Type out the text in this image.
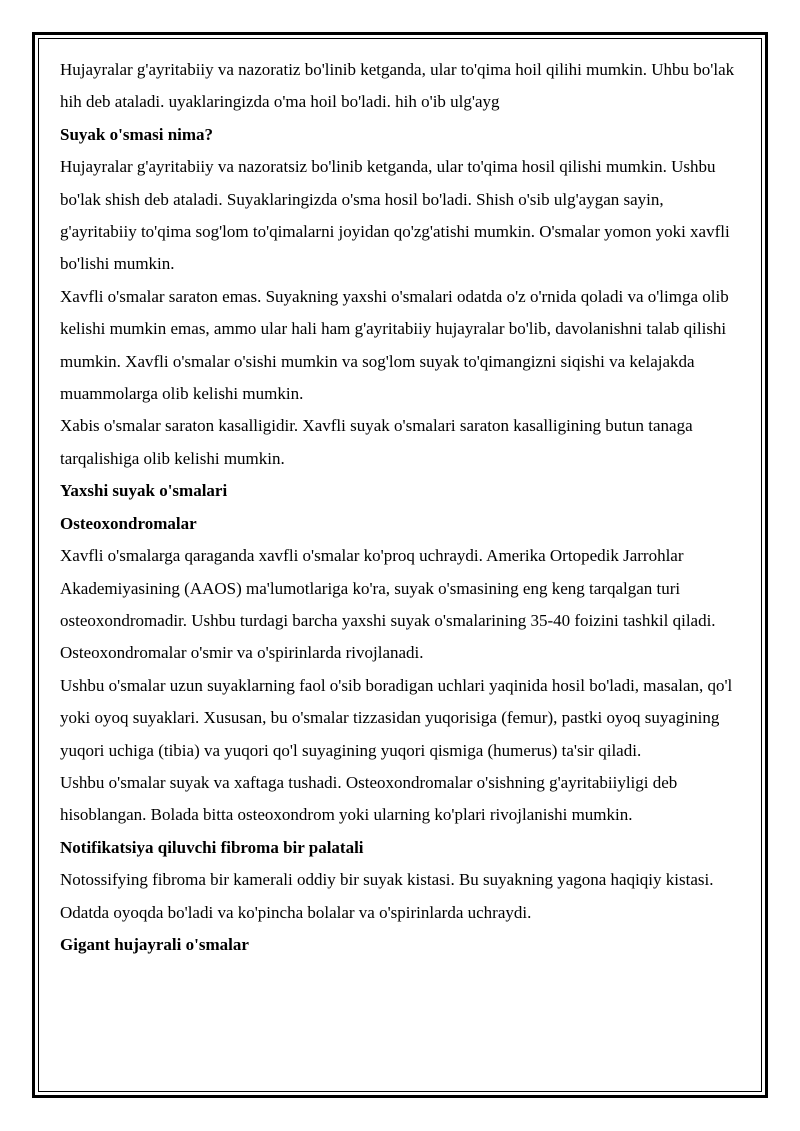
Hujayralar g'ayritabiiy va nazoratiz bo'linib ketganda, ular to'qima hoil qilihi mumkin. Uhbu bo'lak hih deb ataladi. uyaklaringizda o'ma hoil bo'ladi. hih o'ib ulg'ayg

Suyak o'smasi nima?

Hujayralar g'ayritabiiy va nazoratsiz bo'linib ketganda, ular to'qima hosil qilishi mumkin. Ushbu bo'lak shish deb ataladi. Suyaklaringizda o'sma hosil bo'ladi. Shish o'sib ulg'aygan sayin, g'ayritabiiy to'qima sog'lom to'qimalarni joyidan qo'zg'atishi mumkin. O'smalar yomon yoki xavfli bo'lishi mumkin.

Xavfli o'smalar saraton emas. Suyakning yaxshi o'smalari odatda o'z o'rnida qoladi va o'limga olib kelishi mumkin emas, ammo ular hali ham g'ayritabiiy hujayralar bo'lib, davolanishni talab qilishi mumkin. Xavfli o'smalar o'sishi mumkin va sog'lom suyak to'qimangizni siqishi va kelajakda muammolarga olib kelishi mumkin.

Xabis o'smalar saraton kasalligidir. Xavfli suyak o'smalari saraton kasalligining butun tanaga tarqalishiga olib kelishi mumkin.

Yaxshi suyak o'smalari

Osteoxondromalar

Xavfli o'smalarga qaraganda xavfli o'smalar ko'proq uchraydi. Amerika Ortopedik Jarrohlar Akademiyasining (AAOS) ma'lumotlariga ko'ra, suyak o'smasining eng keng tarqalgan turi osteoxondromadir. Ushbu turdagi barcha yaxshi suyak o'smalarining 35-40 foizini tashkil qiladi. Osteoxondromalar o'smir va o'spirinlarda rivojlanadi.

Ushbu o'smalar uzun suyaklarning faol o'sib boradigan uchlari yaqinida hosil bo'ladi, masalan, qo'l yoki oyoq suyaklari. Xususan, bu o'smalar tizzasidan yuqorisiga (femur), pastki oyoq suyagining yuqori uchiga (tibia) va yuqori qo'l suyagining yuqori qismiga (humerus) ta'sir qiladi.

Ushbu o'smalar suyak va xaftaga tushadi. Osteoxondromalar o'sishning g'ayritabiiyligi deb hisoblangan. Bolada bitta osteoxondrom yoki ularning ko'plari rivojlanishi mumkin.

Notifikatsiya qiluvchi fibroma bir palatali

Notossifying fibroma bir kamerali oddiy bir suyak kistasi. Bu suyakning yagona haqiqiy kistasi. Odatda oyoqda bo'ladi va ko'pincha bolalar va o'spirinlarda uchraydi.

Gigant hujayrali o'smalar
